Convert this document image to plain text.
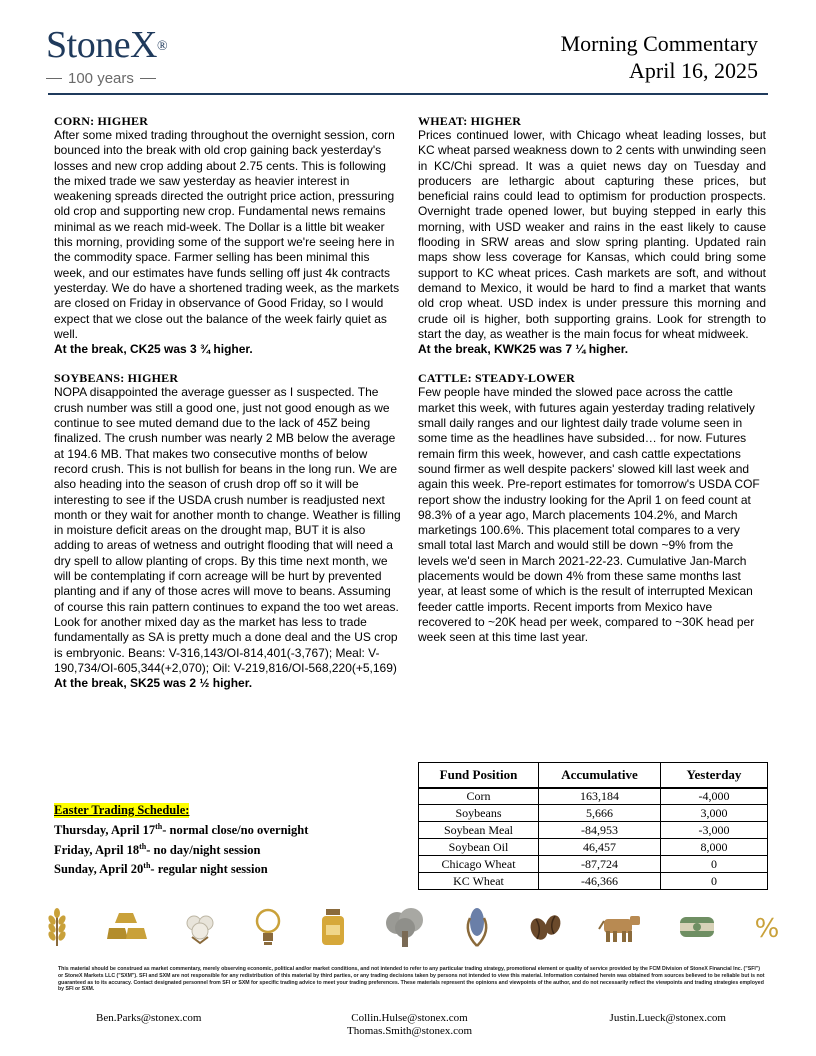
StoneX®
100 years
Morning Commentary
April 16, 2025
CORN: HIGHER
After some mixed trading throughout the overnight session, corn bounced into the break with old crop gaining back yesterday's losses and new crop adding about 2.75 cents. This is following the mixed trade we saw yesterday as heavier interest in weakening spreads directed the outright price action, pressuring old crop and supporting new crop. Fundamental news remains minimal as we reach mid-week. The Dollar is a little bit weaker this morning, providing some of the support we're seeing here in the commodity space. Farmer selling has been minimal this week, and our estimates have funds selling off just 4k contracts yesterday. We do have a shortened trading week, as the markets are closed on Friday in observance of Good Friday, so I would expect that we close out the balance of the week fairly quiet as well.
At the break, CK25 was 3 ¾ higher.
SOYBEANS: HIGHER
NOPA disappointed the average guesser as I suspected. The crush number was still a good one, just not good enough as we continue to see muted demand due to the lack of 45Z being finalized. The crush number was nearly 2 MB below the average at 194.6 MB. That makes two consecutive months of below record crush. This is not bullish for beans in the long run. We are also heading into the season of crush drop off so it will be interesting to see if the USDA crush number is readjusted next month or they wait for another month to change. Weather is filling in moisture deficit areas on the drought map, BUT it is also adding to areas of wetness and outright flooding that will need a dry spell to allow planting of crops. By this time next month, we will be contemplating if corn acreage will be hurt by prevented planting and if any of those acres will move to beans. Assuming of course this rain pattern continues to expand the too wet areas. Look for another mixed day as the market has less to trade fundamentally as SA is pretty much a done deal and the US crop is embryonic. Beans: V-316,143/OI-814,401(-3,767); Meal: V-190,734/OI-605,344(+2,070); Oil: V-219,816/OI-568,220(+5,169)
At the break, SK25 was 2 ½ higher.
WHEAT: HIGHER
Prices continued lower, with Chicago wheat leading losses, but KC wheat parsed weakness down to 2 cents with unwinding seen in KC/Chi spread. It was a quiet news day on Tuesday and producers are lethargic about capturing these prices, but beneficial rains could lead to optimism for production prospects. Overnight trade opened lower, but buying stepped in early this morning, with USD weaker and rains in the east likely to cause flooding in SRW areas and slow spring planting. Updated rain maps show less coverage for Kansas, which could bring some support to KC wheat prices. Cash markets are soft, and without demand to Mexico, it would be hard to find a market that wants old crop wheat. USD index is under pressure this morning and crude oil is higher, both supporting grains. Look for strength to start the day, as weather is the main focus for wheat midweek.
At the break, KWK25 was 7 ¼ higher.
CATTLE: STEADY-LOWER
Few people have minded the slowed pace across the cattle market this week, with futures again yesterday trading relatively small daily ranges and our lightest daily trade volume seen in some time as the headlines have subsided… for now. Futures remain firm this week, however, and cash cattle expectations sound firmer as well despite packers' slowed kill last week and again this week. Pre-report estimates for tomorrow's USDA COF report show the industry looking for the April 1 on feed count at 98.3% of a year ago, March placements 104.2%, and March marketings 100.6%. This placement total compares to a very small total last March and would still be down ~9% from the levels we'd seen in March 2021-22-23. Cumulative Jan-March placements would be down 4% from these same months last year, at least some of which is the result of interrupted Mexican feeder cattle imports. Recent imports from Mexico have recovered to ~20K head per week, compared to ~30K head per week seen at this time last year.
Easter Trading Schedule:
Thursday, April 17th- normal close/no overnight
Friday, April 18th- no day/night session
Sunday, April 20th- regular night session
Fund Position	Accumulative	Yesterday
Corn	163,184	-4,000
Soybeans	5,666	3,000
Soybean Meal	-84,953	-3,000
Soybean Oil	46,457	8,000
Chicago Wheat	-87,724	0
KC Wheat	-46,366	0
%
This material should be construed as market commentary, merely observing economic, political and/or market conditions, and not intended to refer to any particular trading strategy, promotional element or quality of service provided by the FCM Division of StoneX Financial Inc. ("SFI") or StoneX Markets LLC ("SXM"). SFI and SXM are not responsible for any redistribution of this material by third parties, or any trading decisions taken by persons not intended to view this material. Information contained herein was obtained from sources believed to be reliable but is not guaranteed as to its accuracy. Contact designated personnel from SFI or SXM for specific trading advice to meet your trading preferences. These materials represent the opinions and viewpoints of the author, and do not necessarily reflect the viewpoints and trading strategies employed by SFI or SXM.
Ben.Parks@stonex.com	Collin.Hulse@stonex.com
Thomas.Smith@stonex.com
Justin.Lueck@stonex.com
